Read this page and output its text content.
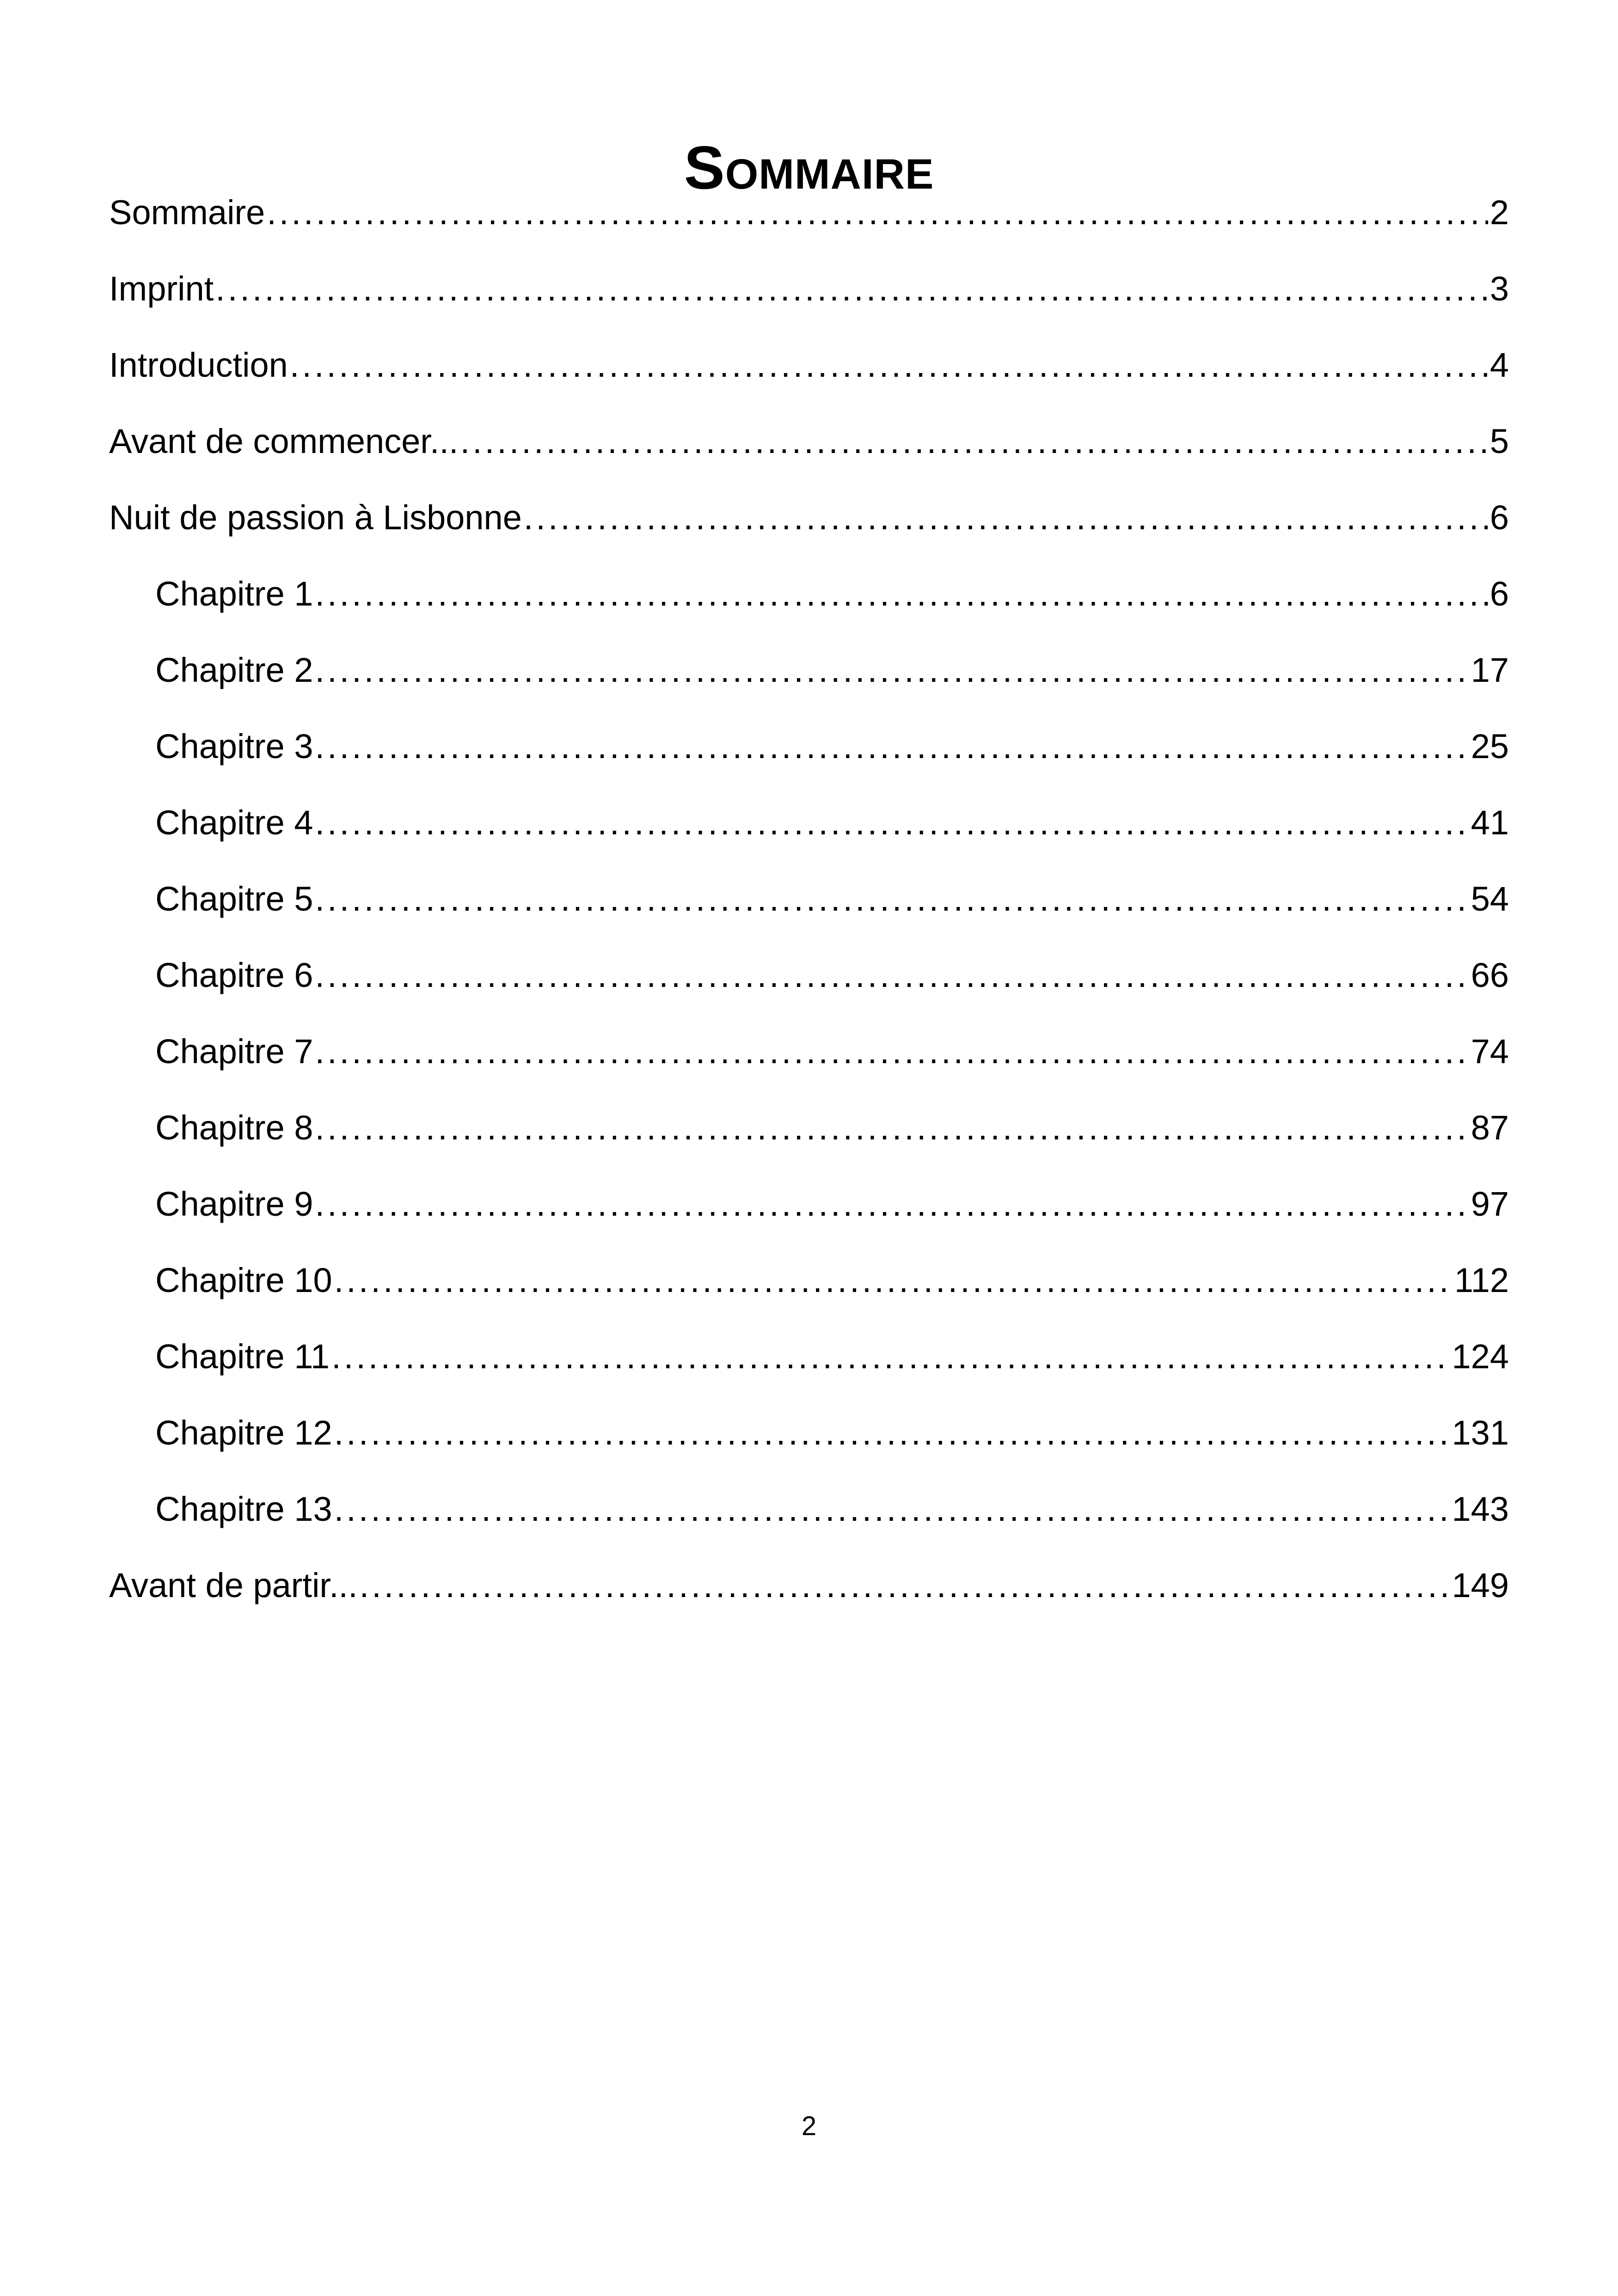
Sommaire
Sommaire .....	2
Imprint .....	3
Introduction .....	4
Avant de commencer... .....	5
Nuit de passion à Lisbonne .....	6
Chapitre 1 .....	6
Chapitre 2 .....	17
Chapitre 3 .....	25
Chapitre 4 .....	41
Chapitre 5 .....	54
Chapitre 6 .....	66
Chapitre 7 .....	74
Chapitre 8 .....	87
Chapitre 9 .....	97
Chapitre 10 .....	112
Chapitre 11 .....	124
Chapitre 12 .....	131
Chapitre 13 .....	143
Avant de partir... .....	149
2
